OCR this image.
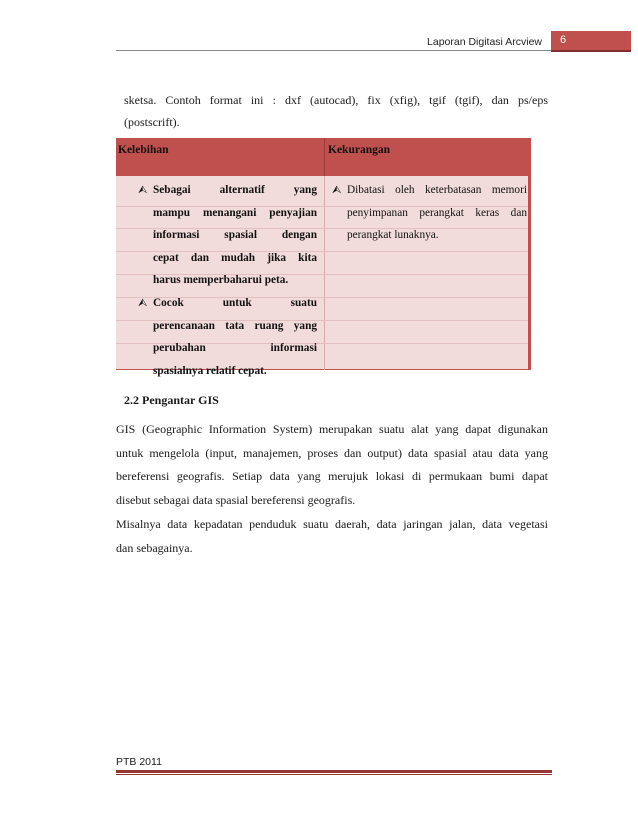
Laporan Digitasi Arcview	6
sketsa. Contoh format ini : dxf (autocad), fix (xfig), tgif (tgif), dan ps/eps
(postscrift).
Kelebihan	Kekurangan
⮙ Sebagai alternatif yang
mampu menangani penyajian
informasi spasial dengan
cepat dan mudah jika kita
harus memperbaharui peta.
⮙ Cocok untuk suatu
perencanaan tata ruang yang
perubahan informasi
spasialnya relatif cepat.
⮙ Dibatasi oleh keterbatasan memori
penyimpanan perangkat keras dan
perangkat lunaknya.
2.2 Pengantar GIS
GIS (Geographic Information System) merupakan suatu alat yang dapat digunakan
untuk mengelola (input, manajemen, proses dan output) data spasial atau data yang
bereferensi geografis. Setiap data yang merujuk lokasi di permukaan bumi dapat
disebut sebagai data spasial bereferensi geografis.
Misalnya data kepadatan penduduk suatu daerah, data jaringan jalan, data vegetasi
dan sebagainya.
PTB 2011
